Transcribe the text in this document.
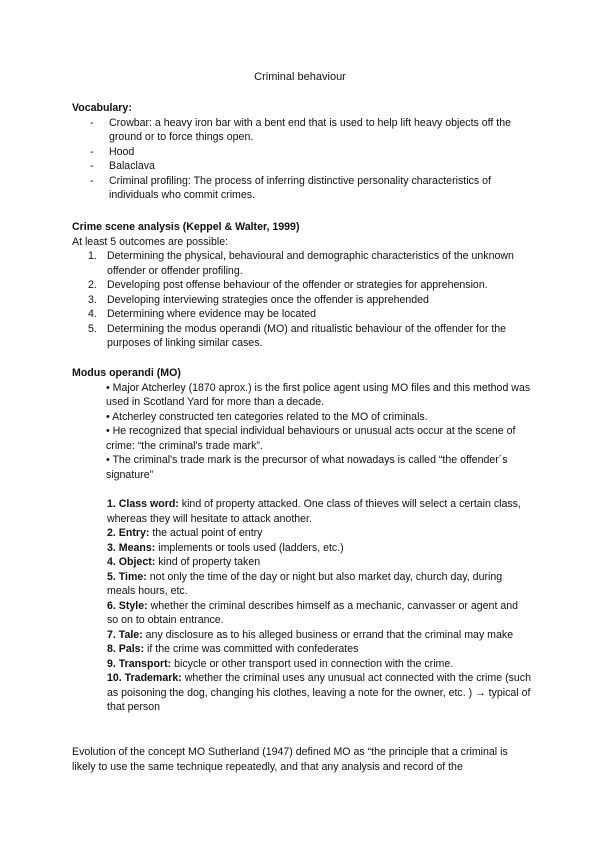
Criminal behaviour
Vocabulary:
- Crowbar: a heavy iron bar with a bent end that is used to help lift heavy objects off the ground or to force things open.
- Hood
- Balaclava
- Criminal profiling: The process of inferring distinctive personality characteristics of individuals who commit crimes.
Crime scene analysis (Keppel & Walter, 1999)

At least 5 outcomes are possible:

1. Determining the physical, behavioural and demographic characteristics of the unknown offender or offender profiling.
2. Developing post offense behaviour of the offender or strategies for apprehension.
3. Developing interviewing strategies once the offender is apprehended
4. Determining where evidence may be located
5. Determining the modus operandi (MO) and ritualistic behaviour of the offender for the purposes of linking similar cases.
Modus operandi (MO)
• Major Atcherley (1870 aprox.) is the first police agent using MO files and this method was used in Scotland Yard for more than a decade.
• Atcherley constructed ten categories related to the MO of criminals.
• He recognized that special individual behaviours or unusual acts occur at the scene of crime: “the criminal's trade mark”.
• The criminal's trade mark is the precursor of what nowadays is called “the offender´s signature”
1. Class word: kind of property attacked. One class of thieves will select a certain class, whereas they will hesitate to attack another.
2. Entry: the actual point of entry
3. Means: implements or tools used (ladders, etc.)
4. Object: kind of property taken
5. Time: not only the time of the day or night but also market day, church day, during meals hours, etc.
6. Style: whether the criminal describes himself as a mechanic, canvasser or agent and so on to obtain entrance.
7. Tale: any disclosure as to his alleged business or errand that the criminal may make
8. Pals: if the crime was committed with confederates
9. Transport: bicycle or other transport used in connection with the crime.
10. Trademark: whether the criminal uses any unusual act connected with the crime (such as poisoning the dog, changing his clothes, leaving a note for the owner, etc. ) → typical of that person

Evolution of the concept MO Sutherland (1947) defined MO as “the principle that a criminal is likely to use the same technique repeatedly, and that any analysis and record of the
